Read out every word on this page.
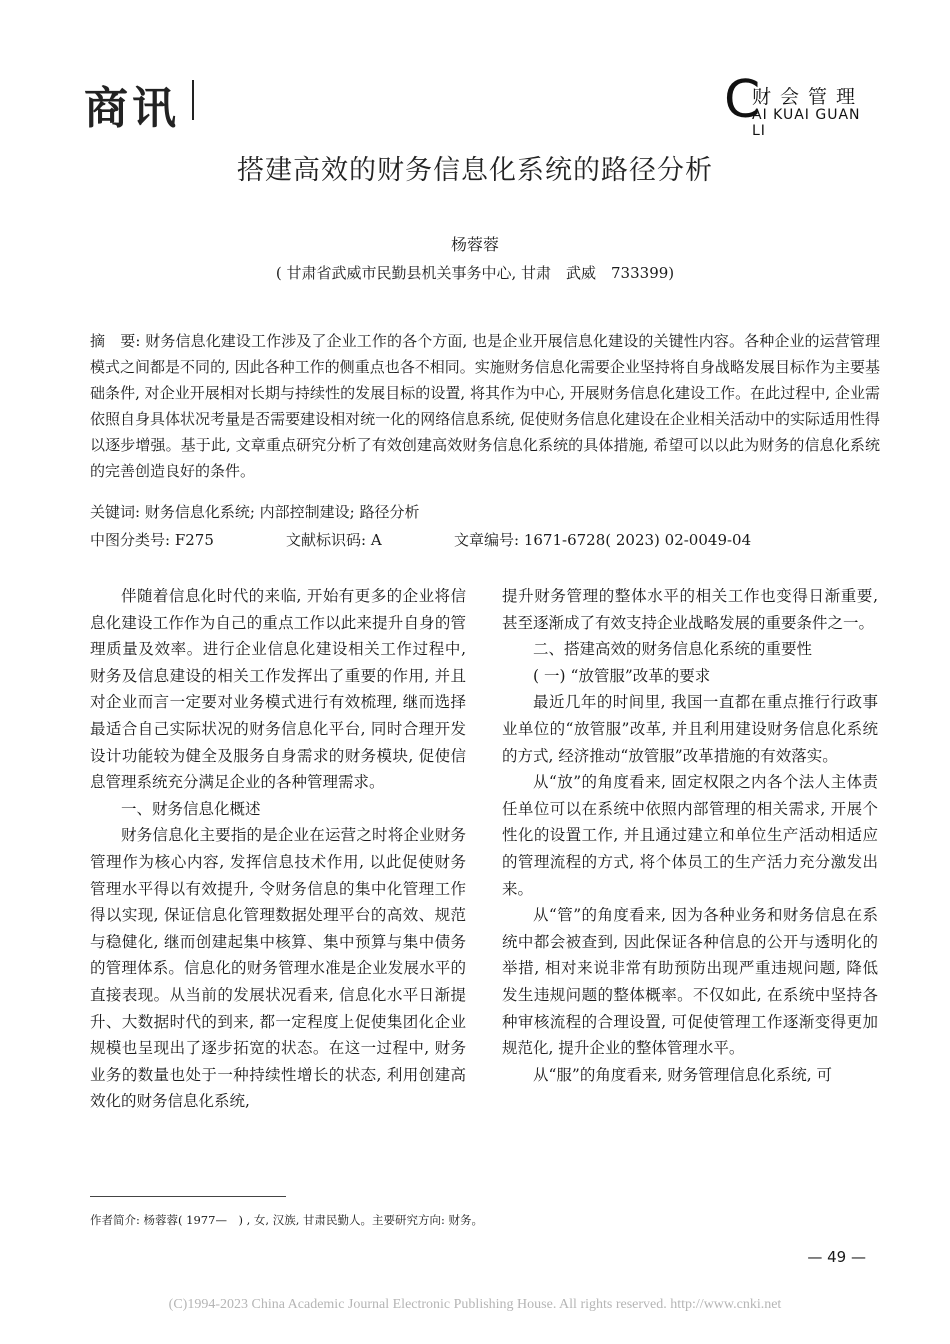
商讯	C
财会管理
AI KUAI GUAN LI
搭建高效的财务信息化系统的路径分析
杨蓉蓉
( 甘肃省武威市民勤县机关事务中心, 甘肃　武威　733399)
摘　要: 财务信息化建设工作涉及了企业工作的各个方面, 也是企业开展信息化建设的关键性内容。各种企业的运营管理模式之间都是不同的, 因此各种工作的侧重点也各不相同。实施财务信息化需要企业坚持将自身战略发展目标作为主要基础条件, 对企业开展相对长期与持续性的发展目标的设置, 将其作为中心, 开展财务信息化建设工作。在此过程中, 企业需依照自身具体状况考量是否需要建设相对统一化的网络信息系统, 促使财务信息化建设在企业相关活动中的实际适用性得以逐步增强。基于此, 文章重点研究分析了有效创建高效财务信息化系统的具体措施, 希望可以以此为财务的信息化系统的完善创造良好的条件。
关键词: 财务信息化系统; 内部控制建设; 路径分析
中图分类号: F275	文献标识码: A	文章编号: 1671-6728( 2023) 02-0049-04

伴随着信息化时代的来临, 开始有更多的企业将信息化建设工作作为自己的重点工作以此来提升自身的管理质量及效率。进行企业信息化建设相关工作过程中, 财务及信息建设的相关工作发挥出了重要的作用, 并且对企业而言一定要对业务模式进行有效梳理, 继而选择最适合自己实际状况的财务信息化平台, 同时合理开发设计功能较为健全及服务自身需求的财务模块, 促使信息管理系统充分满足企业的各种管理需求。

一、财务信息化概述

财务信息化主要指的是企业在运营之时将企业财务管理作为核心内容, 发挥信息技术作用, 以此促使财务管理水平得以有效提升, 令财务信息的集中化管理工作得以实现, 保证信息化管理数据处理平台的高效、规范与稳健化, 继而创建起集中核算、集中预算与集中债务的管理体系。信息化的财务管理水准是企业发展水平的直接表现。从当前的发展状况看来, 信息化水平日渐提升、大数据时代的到来, 都一定程度上促使集团化企业规模也呈现出了逐步拓宽的状态。在这一过程中, 财务业务的数量也处于一种持续性增长的状态, 利用创建高效化的财务信息化系统,

提升财务管理的整体水平的相关工作也变得日渐重要, 甚至逐渐成了有效支持企业战略发展的重要条件之一。

二、搭建高效的财务信息化系统的重要性

( 一) “放管服”改革的要求

最近几年的时间里, 我国一直都在重点推行行政事业单位的“放管服”改革, 并且利用建设财务信息化系统的方式, 经济推动“放管服”改革措施的有效落实。

从“放”的角度看来, 固定权限之内各个法人主体责任单位可以在系统中依照内部管理的相关需求, 开展个性化的设置工作, 并且通过建立和单位生产活动相适应的管理流程的方式, 将个体员工的生产活力充分激发出来。

从“管”的角度看来, 因为各种业务和财务信息在系统中都会被查到, 因此保证各种信息的公开与透明化的举措, 相对来说非常有助预防出现严重违规问题, 降低发生违规问题的整体概率。不仅如此, 在系统中坚持各种审核流程的合理设置, 可促使管理工作逐渐变得更加规范化, 提升企业的整体管理水平。

从“服”的角度看来, 财务管理信息化系统, 可

作者简介: 杨蓉蓉( 1977—　) , 女, 汉族, 甘肃民勤人。主要研究方向: 财务。
— 49 —
(C)1994-2023 China Academic Journal Electronic Publishing House. All rights reserved. http://www.cnki.net
